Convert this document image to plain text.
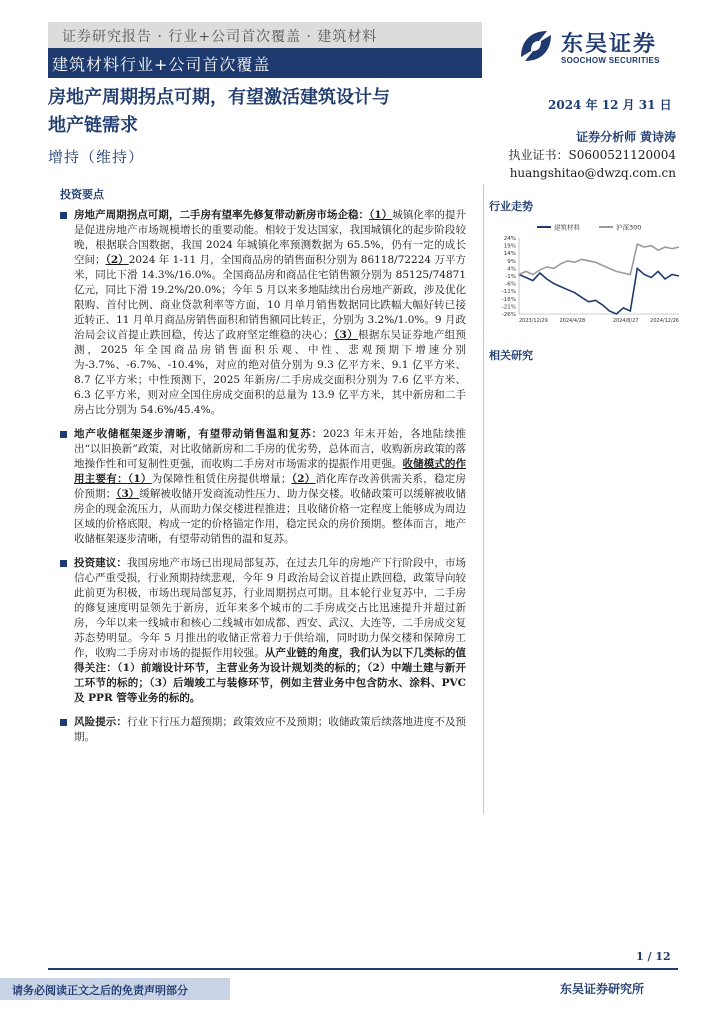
证券研究报告 · 行业+公司首次覆盖 · 建筑材料
建筑材料行业+公司首次覆盖
东吴证券
SOOCHOW SECURITIES
房地产周期拐点可期，有望激活建筑设计与
地产链需求
增持（维持）
2024 年 12 月 31 日
证券分析师 黄诗涛
执业证书：S0600521120004
huangshitao@dwzq.com.cn
投资要点
房地产周期拐点可期，二手房有望率先修复带动新房市场企稳：（1）城镇化率的提升是促进房地产市场规模增长的重要动能。相较于发达国家，我国城镇化的起步阶段较晚，根据联合国数据，我国 2024 年城镇化率预测数据为 65.5%，仍有一定的成长空间；（2）2024 年 1-11 月，全国商品房的销售面积分别为 86118/72224 万平方米，同比下滑 14.3%/16.0%。全国商品房和商品住宅销售额分别为 85125/74871 亿元，同比下滑 19.2%/20.0%；今年 5 月以来多地陆续出台房地产新政，涉及优化限购、首付比例、商业贷款利率等方面，10 月单月销售数据同比跌幅大幅好转已接近转正、11 月单月商品房销售面积和销售额同比转正，分别为 3.2%/1.0%。9 月政治局会议首提止跌回稳，传达了政府坚定维稳的决心；（3）根据东吴证券地产组预测，2025 年全国商品房销售面积乐观、中性、悲观预期下增速分别为-3.7%、-6.7%、-10.4%，对应的绝对值分别为 9.3 亿平方米、9.1 亿平方米、8.7 亿平方米；中性预测下，2025 年新房/二手房成交面积分别为 7.6 亿平方米、6.3 亿平方米，则对应全国住房成交面积的总量为 13.9 亿平方米，其中新房和二手房占比分别为 54.6%/45.4%。
地产收储框架逐步清晰，有望带动销售温和复苏：2023 年末开始，各地陆续推出“以旧换新”政策，对比收储新房和二手房的优劣势，总体而言，收购新房政策的落地操作性和可复制性更强，而收购二手房对市场需求的提振作用更强。收储模式的作用主要有：（1）为保障性租赁住房提供增量；（2）消化库存改善供需关系，稳定房价预期；（3）缓解被收储开发商流动性压力、助力保交楼。收储政策可以缓解被收储房企的现金流压力，从而助力保交楼进程推进；且收储价格一定程度上能够成为周边区域的价格底限，构成一定的价格锚定作用，稳定民众的房价预期。整体而言，地产收储框架逐步清晰，有望带动销售的温和复苏。
投资建议：我国房地产市场已出现局部复苏，在过去几年的房地产下行阶段中，市场信心严重受损，行业预期持续悲观，今年 9 月政治局会议首提止跌回稳，政策导向较此前更为积极，市场出现局部复苏，行业周期拐点可期。且本轮行业复苏中，二手房的修复速度明显领先于新房，近年来多个城市的二手房成交占比迅速提升并超过新房，今年以来一线城市和核心二线城市如成都、西安、武汉、大连等，二手房成交复苏态势明显。今年 5 月推出的收储正常着力于供给端，同时助力保交楼和保障房工作，收购二手房对市场的提振作用较强。从产业链的角度，我们认为以下几类标的值得关注：（1）前端设计环节，主营业务为设计规划类的标的；（2）中端土建与新开工环节的标的；（3）后端竣工与装修环节，例如主营业务中包含防水、涂料、PVC 及 PPR 管等业务的标的。
风险提示：行业下行压力超预期；政策效应不及预期；收储政策后续落地进度不及预期。
行业走势
24%
19%
14%
9%
4%
-1%
-6%
-11%
-16%
-21%
-26%
2023/12/29 2024/4/28	2024/8/27 2024/12/26
建筑材料	沪深300
相关研究
1 / 12
请务必阅读正文之后的免责声明部分	东吴证券研究所
